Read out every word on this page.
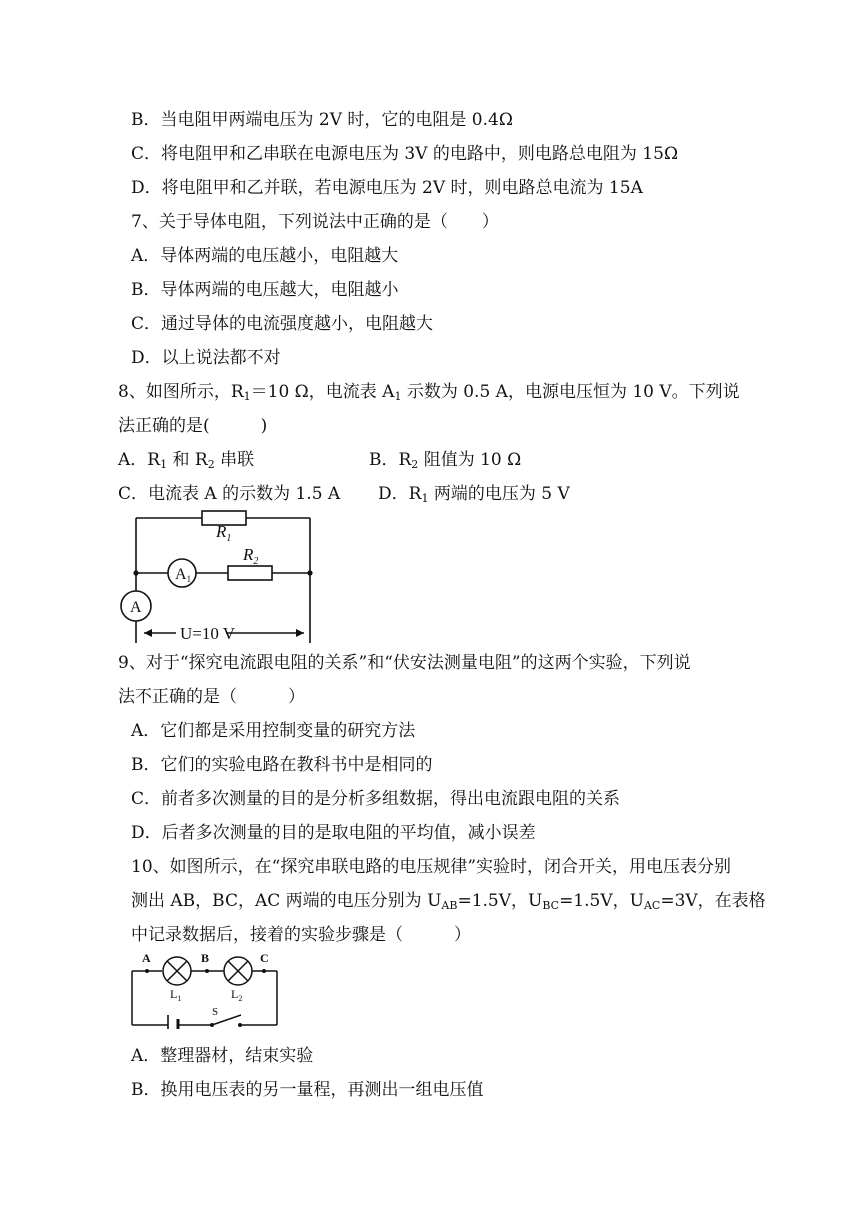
B．当电阻甲两端电压为 2V 时，它的电阻是 0.4Ω
C．将电阻甲和乙串联在电源电压为 3V 的电路中，则电路总电阻为 15Ω
D．将电阻甲和乙并联，若电源电压为 2V 时，则电路总电流为 15A
7、关于导体电阻，下列说法中正确的是（　　）
A．导体两端的电压越小，电阻越大
B．导体两端的电压越大，电阻越小
C．通过导体的电流强度越小，电阻越大
D．以上说法都不对
8、如图所示，$R_1=10$ Ω，电流表 $A_1$ 示数为 0.5 A，电源电压恒为 10 V。下列说
法正确的是(　　　)
A．$R_1$ 和 $R_2$ 串联	B．$R_2$ 阻值为 10 Ω
C．电流表 A 的示数为 1.5 A D．$R_1$ 两端的电压为 5 V
$R_1$
$R_2$
A1
A
U=10 V
9、对于“探究电流跟电阻的关系”和“伏安法测量电阻”的这两个实验，下列说
法不正确的是（　　　）
A．它们都是采用控制变量的研究方法
B．它们的实验电路在教科书中是相同的
C．前者多次测量的目的是分析多组数据，得出电流跟电阻的关系
D．后者多次测量的目的是取电阻的平均值，减小误差
10、如图所示，在“探究串联电路的电压规律”实验时，闭合开关，用电压表分别
测出 AB，BC，AC 两端的电压分别为 $U_{AB}=1.5V$，$U_{BC}=1.5V$，$U_{AC}=3V$，在表格
中记录数据后，接着的实验步骤是（　　　）
A	B	C
$L_1$	$L_2$
S
A．整理器材，结束实验
B．换用电压表的另一量程，再测出一组电压值
